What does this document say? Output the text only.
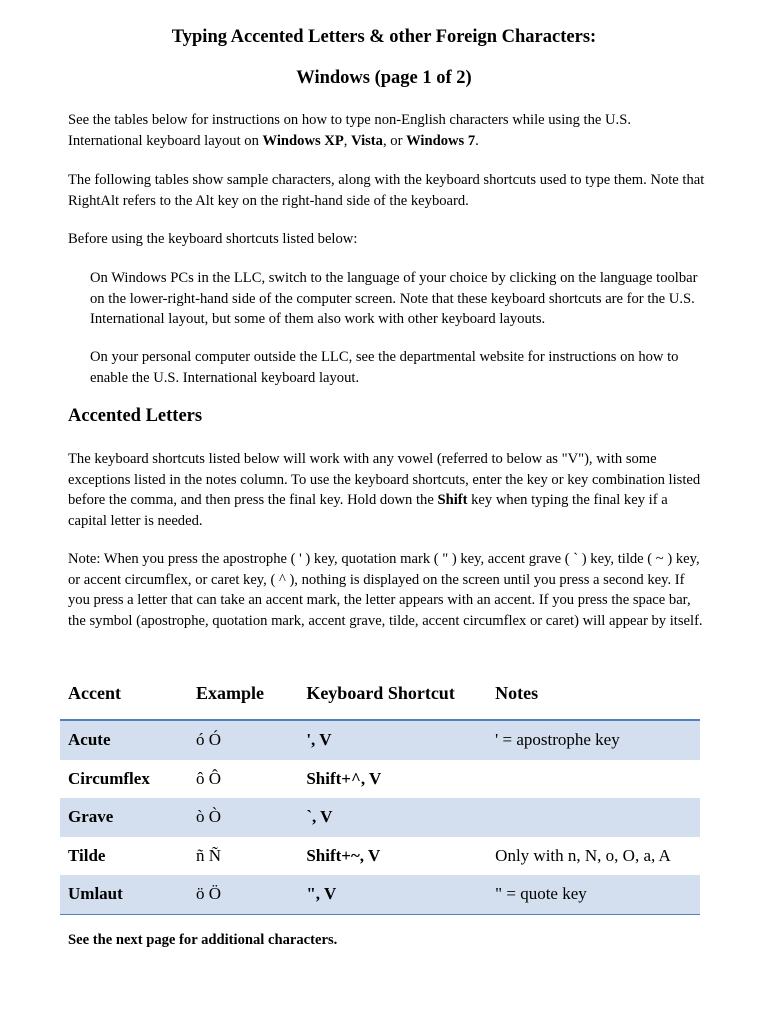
Typing Accented Letters & other Foreign Characters:
Windows (page 1 of 2)

See the tables below for instructions on how to type non-English characters while using the U.S. International keyboard layout on Windows XP, Vista, or Windows 7.

The following tables show sample characters, along with the keyboard shortcuts used to type them. Note that RightAlt refers to the Alt key on the right-hand side of the keyboard.

Before using the keyboard shortcuts listed below:

On Windows PCs in the LLC, switch to the language of your choice by clicking on the language toolbar on the lower-right-hand side of the computer screen. Note that these keyboard shortcuts are for the U.S. International layout, but some of them also work with other keyboard layouts.

On your personal computer outside the LLC, see the departmental website for instructions on how to enable the U.S. International keyboard layout.

Accented Letters

The keyboard shortcuts listed below will work with any vowel (referred to below as "V"), with some exceptions listed in the notes column. To use the keyboard shortcuts, enter the key or key combination listed before the comma, and then press the final key. Hold down the Shift key when typing the final key if a capital letter is needed.

Note: When you press the apostrophe ( ' ) key, quotation mark ( " ) key, accent grave ( ` ) key, tilde ( ~ ) key, or accent circumflex, or caret key, ( ^ ), nothing is displayed on the screen until you press a second key. If you press a letter that can take an accent mark, the letter appears with an accent. If you press the space bar, the symbol (apostrophe, quotation mark, accent grave, tilde, accent circumflex or caret) will appear by itself.

Accent	Example	Keyboard Shortcut	Notes
Acute	ó Ó	', V	' = apostrophe key
Circumflex	ô Ô	Shift+^, V	
Grave	ò Ò	`, V	
Tilde	ñ Ñ	Shift+~, V	Only with n, N, o, O, a, A
Umlaut	ö Ö	", V	" = quote key

See the next page for additional characters.
